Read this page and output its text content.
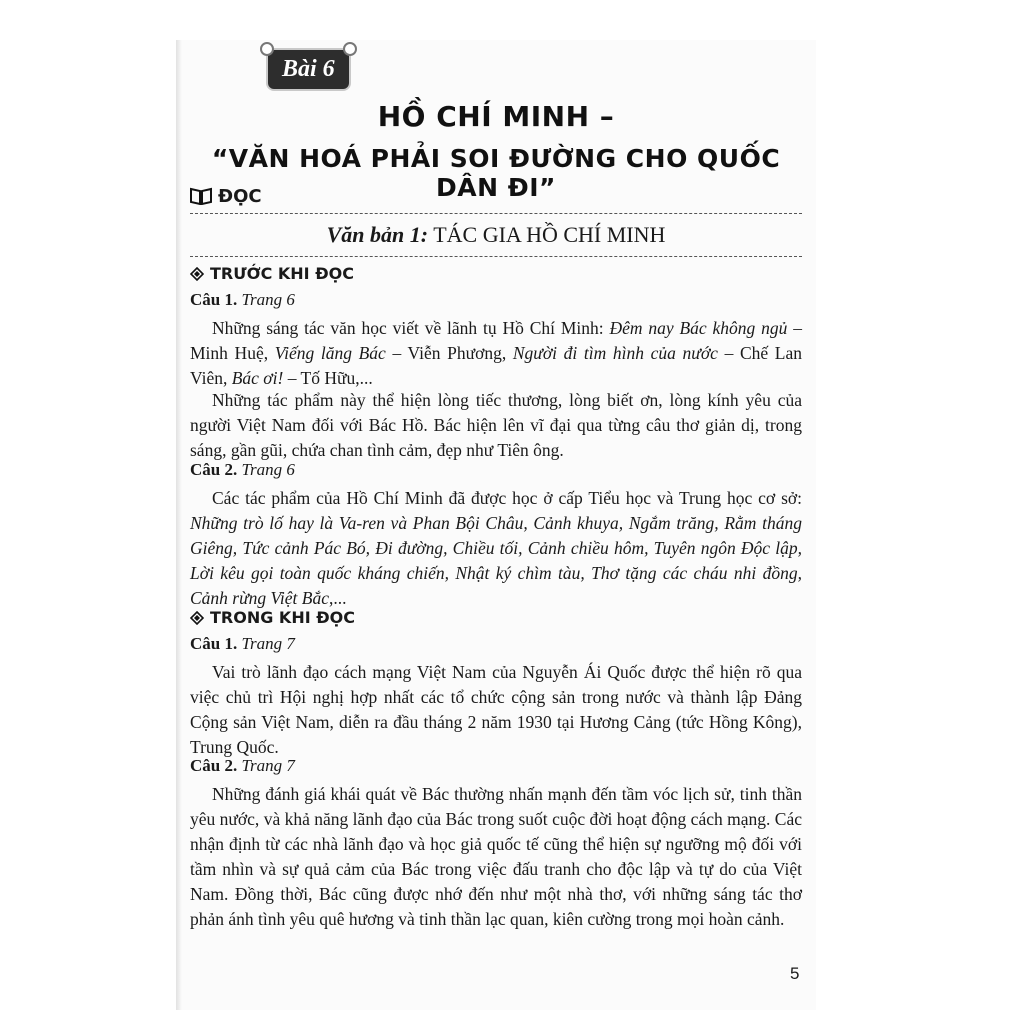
Bài 6
HỒ CHÍ MINH –
“VĂN HOÁ PHẢI SOI ĐƯỜNG CHO QUỐC DÂN ĐI”
ĐỌC
Văn bản 1: TÁC GIA HỒ CHÍ MINH
TRƯỚC KHI ĐỌC
Câu 1. Trang 6
Những sáng tác văn học viết về lãnh tụ Hồ Chí Minh: Đêm nay Bác không ngủ – Minh Huệ, Viếng lăng Bác – Viễn Phương, Người đi tìm hình của nước – Chế Lan Viên, Bác ơi! – Tố Hữu,...
Những tác phẩm này thể hiện lòng tiếc thương, lòng biết ơn, lòng kính yêu của người Việt Nam đối với Bác Hồ. Bác hiện lên vĩ đại qua từng câu thơ giản dị, trong sáng, gần gũi, chứa chan tình cảm, đẹp như Tiên ông.
Câu 2. Trang 6
Các tác phẩm của Hồ Chí Minh đã được học ở cấp Tiểu học và Trung học cơ sở: Những trò lố hay là Va-ren và Phan Bội Châu, Cảnh khuya, Ngắm trăng, Rằm tháng Giêng, Tức cảnh Pác Bó, Đi đường, Chiều tối, Cảnh chiều hôm, Tuyên ngôn Độc lập, Lời kêu gọi toàn quốc kháng chiến, Nhật ký chìm tàu, Thơ tặng các cháu nhi đồng, Cảnh rừng Việt Bắc,...
TRONG KHI ĐỌC
Câu 1. Trang 7
Vai trò lãnh đạo cách mạng Việt Nam của Nguyễn Ái Quốc được thể hiện rõ qua việc chủ trì Hội nghị hợp nhất các tổ chức cộng sản trong nước và thành lập Đảng Cộng sản Việt Nam, diễn ra đầu tháng 2 năm 1930 tại Hương Cảng (tức Hồng Kông), Trung Quốc.
Câu 2. Trang 7
Những đánh giá khái quát về Bác thường nhấn mạnh đến tầm vóc lịch sử, tinh thần yêu nước, và khả năng lãnh đạo của Bác trong suốt cuộc đời hoạt động cách mạng. Các nhận định từ các nhà lãnh đạo và học giả quốc tế cũng thể hiện sự ngưỡng mộ đối với tầm nhìn và sự quả cảm của Bác trong việc đấu tranh cho độc lập và tự do của Việt Nam. Đồng thời, Bác cũng được nhớ đến như một nhà thơ, với những sáng tác thơ phản ánh tình yêu quê hương và tinh thần lạc quan, kiên cường trong mọi hoàn cảnh.
5
